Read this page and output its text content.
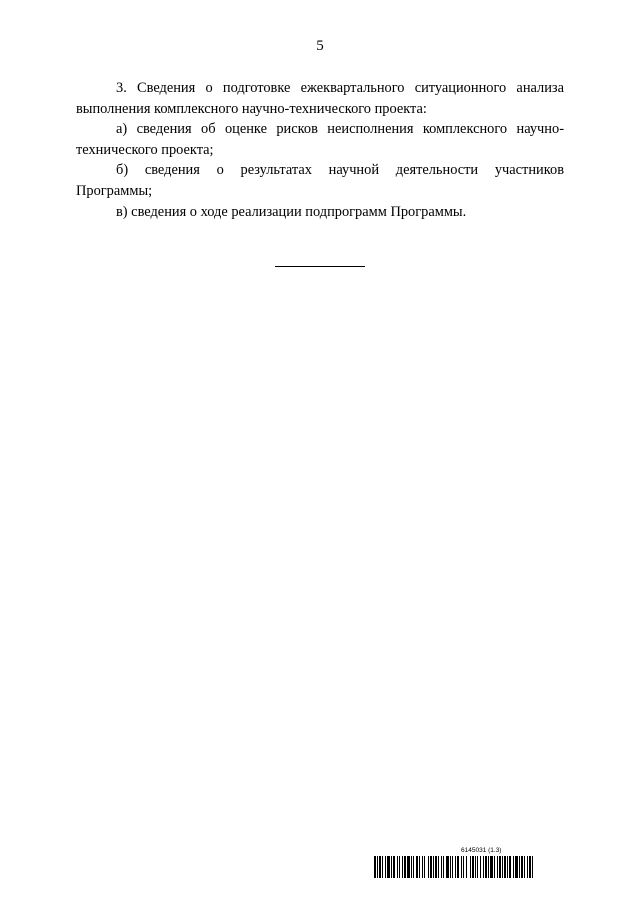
5

3. Сведения о подготовке ежеквартального ситуационного анализа выполнения комплексного научно-технического проекта:

а) сведения об оценке рисков неисполнения комплексного научно-технического проекта;

б) сведения о результатах научной деятельности участников Программы;

в) сведения о ходе реализации подпрограмм Программы.

6145031 (1.3)
